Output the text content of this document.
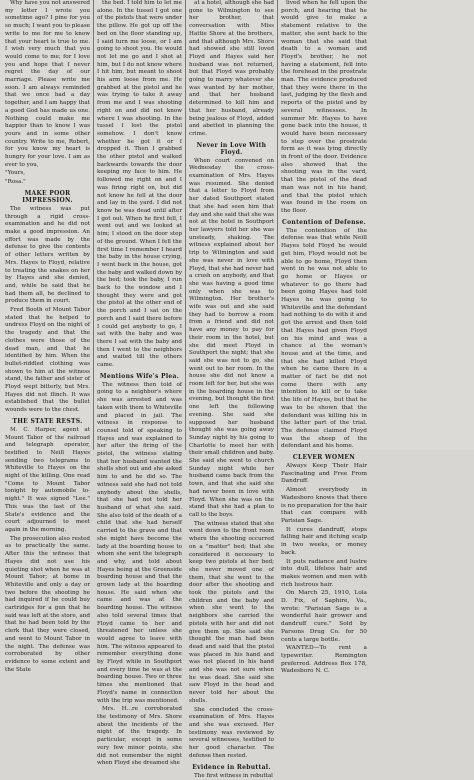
Why have you not answered my letter I wrote you sometime ago? I pine for you so much; I want you to please write to me for me to know that your heart is true to me. I wish very much that you would come to me; for I love you and hope that I never regret the day of our marriage. Please write me soon. I am always reminded that we once had a day together, and I am happy that a good God has made us one. Nothing could make me happier than to know I was yours and in some other country. Write to me, Robert, for you know my heart is hungry for your love. I am as ever to you,

"Yours,

"Rosa."

MAKE POOR IMPRESSION.

The witness was put through a rigid cross-examination and he did not make a good impression. An effort was made by the defense to give the contents of other letters written by Mrs. Hayes to Floyd, relative to treating the snakes on her by Hayes and she denied, and, while he said that he had them all, he declined to produce them in court.

Fred Booth of Mount Tabor stated that he helped to undress Floyd on the night of the tragedy and that the clothes were those of the dead man, and that he identified by him. When the bullet-riddled clothing was shown to him at the witness stand, the father and sister of Floyd wept bitterly, but Mrs. Hayes did not flinch. It was established that the bullet wounds were to the chest.

THE STATE RESTS.

M. C. Harper, agent at Mount Tabor of the railroad and telegraph operator, testified to Neill Hayes sending two telegrams to Whiteville to Hayes on the night of the killing. One read "Come to Mount Tabor tonight by automobile to-night." It was signed "Lee." This was the last of the State's evidence and the court adjourned to meet again in the morning.

The prosecution also rested as to practically the same. After this the witness that Hayes did not use his quieting shot when he was at Mount Tabor; at home in Whiteville and only a day or two before the shooting he had inquired if he could buy cartridges for a gun that he said was left at the store, and that he had been told by the clerk that they were closed, and went to Mount Tabor in the night. The defense was corroborated by other evidence to some extent and the State

the bed. I told him to let me alone. In the tussel I got one of the pistols that were under the pillow. He got up off the bed on the floor standing up, I said turn me loose, or I am going to shoot you. He would not let me go and I shot at him, but I do not know where I hit him, but meant to shoot his arm loose from me. He grabbed at the pistol and he was trying to take it away from me and I was shooting right on and did not know where I was shooting. In the tussel I lost the pistol somehow. I don't know whether he got it or I dropped it. Then I grabbed the other pistol and walked backwards towards the door keeping my face to him. He followed me right on and I was firing right on, but did not know he fell at the door and lay in the yard. I did not know he was dead until after I got out. When he first fell, I went out and we looked at him; I stood on the door step of the ground. When I fell the first time I remember I heard the baby in the house crying, I went back in the house, got the baby and walked down by the bed; took the baby, I run back to the window and I thought they were and got the pistol at the other end of the porch and I sat on the porch and I said there before I could get anybody to go, I sat with the baby and was there I sat with the baby and then I went to the neighbors and waited till the others came.

Mentions Wife's Plea.

The witness then told of going to a neighbor's where she was arrested and was taken with them to Whiteville and placed in jail. The witness in response to counsel told of speaking to Hayes and was explained to her after the firing of the pistol, the witness stating that her husband wanted the shells shot out and she asked him to and he did so. The witness said she had not told anybody about the shells, that she had not told her husband of what she said. She also told of the death of a child that she had herself carried to the grave and that she might have become the lady at the boarding house to whom she sent the telegraph and why, and told about Hayes being at the Greenside boarding house and that the grown lady at the boarding house. He said when she came and was at the boarding house. The witness also told several times that Floyd came to her and threatened her unless she would agree to leave with him. The witness appeared to remember everything done by Floyd while in Southport and every time he was at the boarding house. Two or three times she mentioned that Floyd's name in connection with the trip was mentioned.

Mrs. H...re corroborated the testimony of Mrs. Shore about the incidents of the night of the tragedy. In particular, except in some very few minor points, she did not remember the night when Floyd she dreamed she

at a hotel, although she had gone to Wilmington to see her brother, that conversation with Miss Hattie Shore at the brothers, and that although Mrs. Shore had showed she still loved Floyd and Hayes said her husband was not returned, but that Floyd was probably going to marry whatever she was wanted by her mother, and that her husband determined to kill him and that her husband, already being jealous of Floyd, added and abetted in planning the crime.

Never in Love With Floyd.

When court convened on Wednesday the cross-examination of Mrs. Hayes was resumed. She denied that a letter to Floyd from her dated Southport stated that she had seen him that day and she said that she was not at the hotel in Southport her lawyers told her she was unsteady, shaking. The witness explained about her trip to Wilmington and said she was never in love with Floyd, that she had never had a crush on anybody, and that she was having a good time only when she was to Wilmington. Her brother's wife was out and she said they had to borrow a room from a friend and did not have any money to pay for their room in the hotel, but she did meet Floyd in Southport the night; that she said she was not to go, she went out to her room. In the house she did not know a room left for her, but she was in the boarding house in the evening, but thought the first one left the following evening. She said she supposed her husband thought she was going away Sunday night by his going to Charlotte to meet her with their small children and baby. She said she went to church Sunday night while her husband came back from the town, and that she said she had never been in love with Floyd. When she was on the stand that she had a plan to call to the boys.

The witness stated that she went down to the front room where the shooting occurred on a "matter" bed; that she considered it necessary to keep two pistols at her bed; she never moved one of them, that she went to the door after the shooting and took the pistols and the children and the baby and when she went to the neighbors she carried the pistols with her and did not give them up. She said she thought the man had been dead and said that the pistol was placed in his hand and was not placed in his hand and she was not sure when he was dead. She said she saw Floyd in the head and never told her about the shells.

She concluded the cross-examination of Mrs. Hayes and she was excused. Her testimony was reviewed by several witnesses, testified to her good character. The defense then rested.

Evidence in Rebuttal.

The first witness in rebuttal

lived when he fell upon the porch, and hearing that he would give to make a statement relative to the matter, she sent back to the woman that she said that death to a woman and Floyd's brother, he not having a statement, fell into the forehead in the prostrate man. The evidence produced that they were there in the last, judging by the flesh and reports of the pistol and by several witnesses. In summer Mr. Hayes to have gone back into the house, it would have been necessary to step over the prostrate form as it was lying directly in front of the door. Evidence also showed that the shooting was in the vard, that the pistol of the dead man was not in his hand, and that the pistol which was found in the room on the floor.

Contention of Defense.

The contention of the defense was that while Neill Hayes told Floyd he would get him, Floyd would not be able to go home, Floyd then went in he was not able to go home or Hayes or whatever to go there had been going Hayes had told Hayes he was going to Whiteville and the defendant had nothing to do with it and got the arrest and then told that Hayes had given Floyd on his mind and was a chance at the woman's house and at the time, and that she had killed Floyd when he came there in a matter of fact he did not come there with any intention to kill or to take the life of Hayes, but that he was to be shown that the defendant was killing his in the latter part of the trial. The defense claimed Floyd was the sheep of the defendant and his home.

CLEVER WOMEN

Always Keep Their Hair Fascinating and Free From Dandruff.

Almost everybody in Wadesboro knows that there is no preparation for the hair that can compare with Parisian Sage.

It cures dandruff, stops falling hair and itching scalp in two weeks, or money back.

It puts radiance and lustre into dull, lifeless hair and makes women and men with rich lustrous hair.

On March 25, 1910, Lola D. Fix, of Saphire, Va., wrote: "Parisian Sage is a wonderful hair grower and dandruff cure." Sold by Parsons Drug Co. for 50 cents a large bottle.

WANTED—To rent a typewriter. Remington preferred. Address Box 178, Wadesboro N. C.
